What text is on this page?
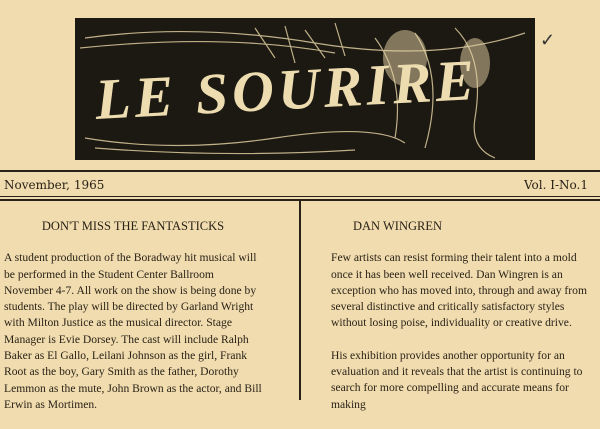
LE SOURIRE
✓
November, 1965	Vol. I-No.1
DON'T MISS THE FANTASTICKS

A student production of the Boradway hit musical will be performed in the Student Center Ballroom November 4-7. All work on the show is being done by students. The play will be directed by Garland Wright with Milton Justice as the musical director. Stage Manager is Evie Dorsey. The cast will include Ralph Baker as El Gallo, Leilani Johnson as the girl, Frank Root as the boy, Gary Smith as the father, Dorothy Lemmon as the mute, John Brown as the actor, and Bill Erwin as Mortimen.

DAN WINGREN

Few artists can resist forming their talent into a mold once it has been well received. Dan Wingren is an exception who has moved into, through and away from several distinctive and critically satisfactory styles without losing poise, individuality or creative drive.

His exhibition provides another opportunity for an evaluation and it reveals that the artist is continuing to search for more compelling and accurate means for making
